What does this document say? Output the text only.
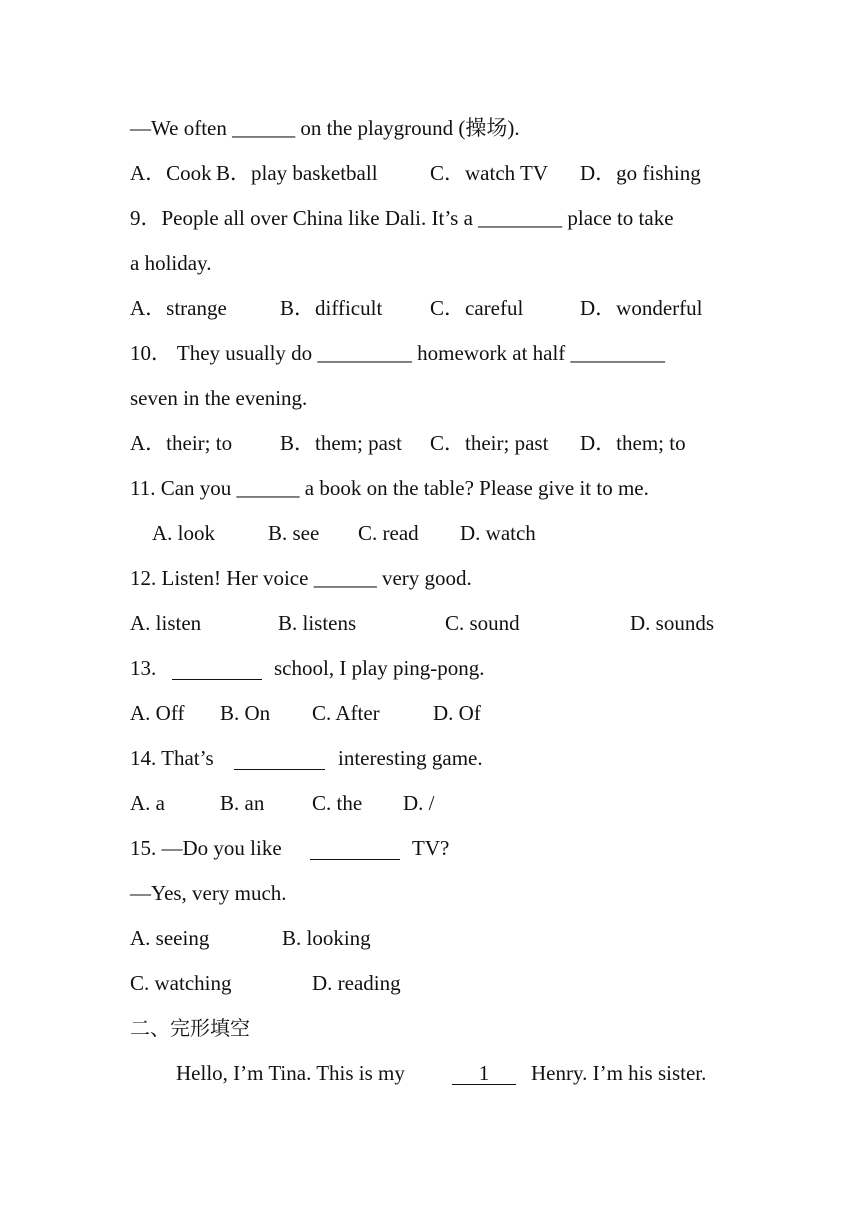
—We often ______ on the playground (操场).
A．Cook B．play basketball C．watch TV D．go fishing
9．People all over China like Dali. It’s a ________ place to take
a holiday.
A．strange	B．difficult C．careful	D．wonderful
10． They usually do _________ homework at half _________
seven in the evening.
A．their; to B．them; past C．their; past D．them; to
11. Can you ______ a book on the table? Please give it to me.
A. look	B. see C. read D. watch
12. Listen! Her voice ______ very good.
A. listen	B. listens	C. sound	D. sounds
13.	school, I play ping-pong.
A. Off B. On C. After	D. Of
14. That’s	interesting game.
A. a	B. an C. the D. /
15. —Do you like	TV?
—Yes, very much.
A. seeing	B. looking
C. watching	D. reading
二、完形填空
Hello, I’m Tina. This is my	1	Henry. I’m his sister.
